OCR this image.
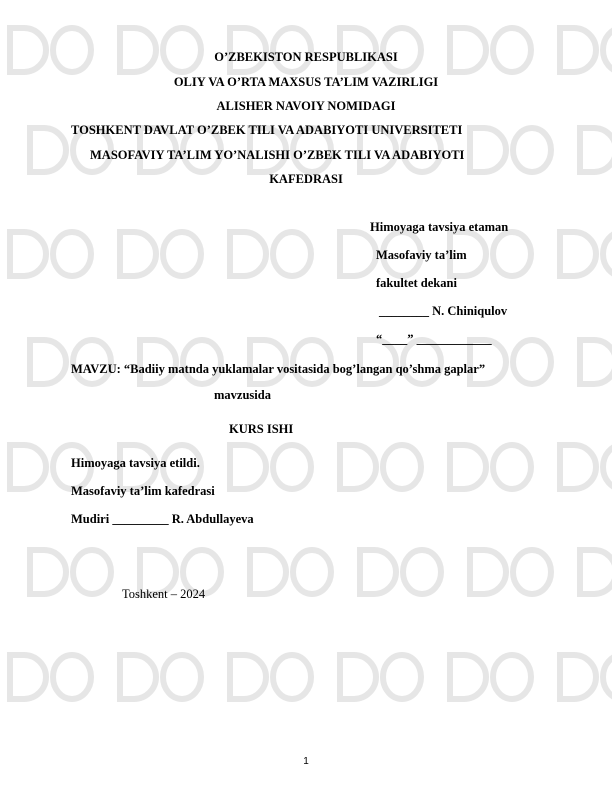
O’ZBEKISTON RESPUBLIKASI
OLIY VA O’RTA MAXSUS TA’LIM VAZIRLIGI
ALISHER NAVOIY NOMIDAGI
TOSHKENT DAVLAT O’ZBEK TILI VA ADABIYOTI UNIVERSITETI
MASOFAVIY TA’LIM YO’NALISHI O’ZBEK TILI VA ADABIYOTI
KAFEDRASI
Himoyaga tavsiya etaman
Masofaviy ta’lim
fakultet dekani
________ N. Chiniqulov
“____” ____________
MAVZU: “Badiiy matnda yuklamalar vositasida bog’langan qo’shma gaplar”
mavzusida
KURS ISHI
Himoyaga tavsiya etildi.
Masofaviy ta’lim kafedrasi
Mudiri _________ R. Abdullayeva
Toshkent – 2024
1
